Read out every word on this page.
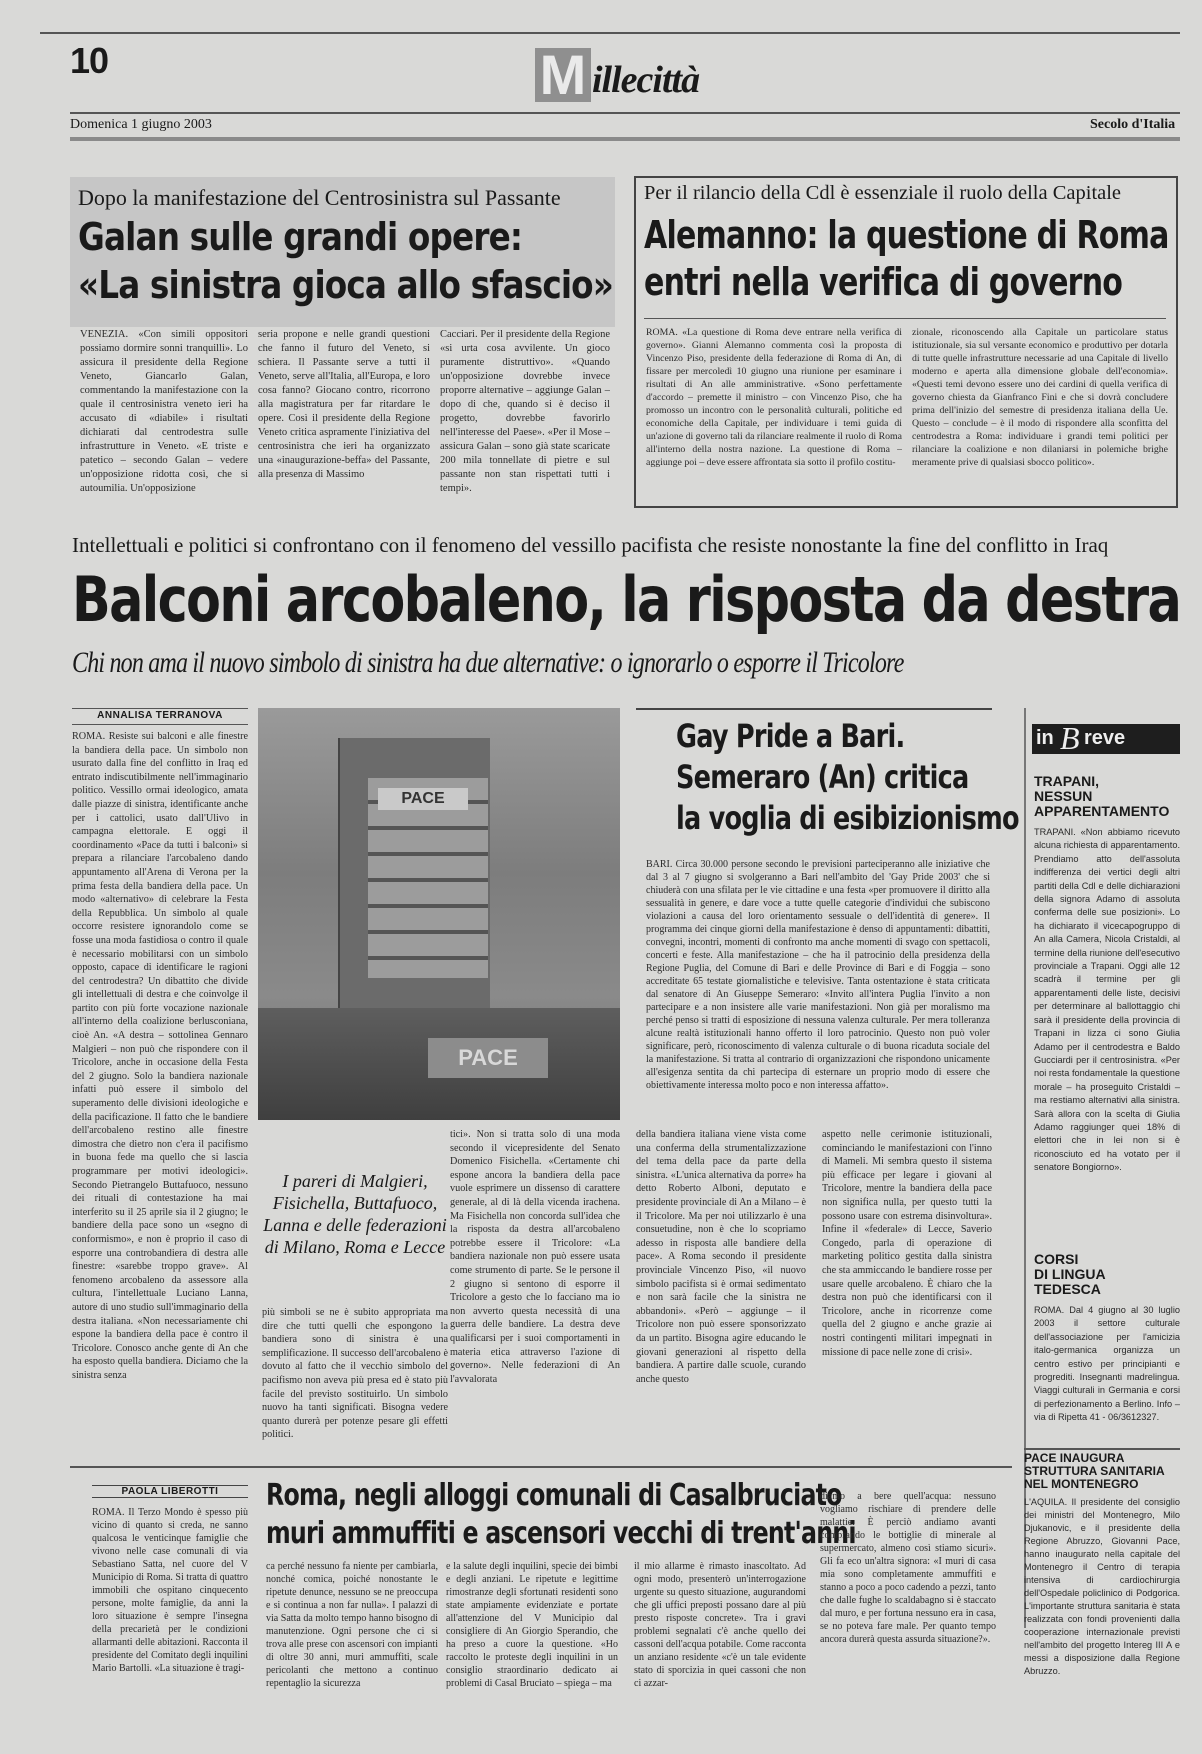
10	M illecittà
Domenica 1 giugno 2003	Secolo d'Italia
Dopo la manifestazione del Centrosinistra sul Passante
Galan sulle grandi opere:
«La sinistra gioca allo sfascio»
VENEZIA. «Con simili oppositori possiamo dormire sonni tranquilli». Lo assicura il presidente della Regione Veneto, Giancarlo Galan, commentando la manifestazione con la quale il centrosinistra veneto ieri ha accusato di «diabile» i risultati dichiarati dal centrodestra sulle infrastrutture in Veneto. «E triste e patetico – secondo Galan – vedere un'opposizione ridotta così, che si autoumilia. Un'opposizione
seria propone e nelle grandi questioni che fanno il futuro del Veneto, si schiera. Il Passante serve a tutti il Veneto, serve all'Italia, all'Europa, e loro cosa fanno? Giocano contro, ricorrono alla magistratura per far ritardare le opere. Così il presidente della Regione Veneto critica aspramente l'iniziativa del centrosinistra che ieri ha organizzato una «inaugurazione-beffa» del Passante, alla presenza di Massimo
Cacciari. Per il presidente della Regione «si urta cosa avvilente. Un gioco puramente distruttivo». «Quando un'opposizione dovrebbe invece proporre alternative – aggiunge Galan – dopo di che, quando si è deciso il progetto, dovrebbe favorirlo nell'interesse del Paese». «Per il Mose – assicura Galan – sono già state scaricate 200 mila tonnellate di pietre e sul passante non stan rispettati tutti i tempi».
Per il rilancio della Cdl è essenziale il ruolo della Capitale
Alemanno: la questione di Roma
entri nella verifica di governo
ROMA. «La questione di Roma deve entrare nella verifica di governo». Gianni Alemanno commenta così la proposta di Vincenzo Piso, presidente della federazione di Roma di An, di fissare per mercoledì 10 giugno una riunione per esaminare i risultati di An alle amministrative. «Sono perfettamente d'accordo – premette il ministro – con Vincenzo Piso, che ha promosso un incontro con le personalità culturali, politiche ed economiche della Capitale, per individuare i temi guida di un'azione di governo tali da rilanciare realmente il ruolo di Roma all'interno della nostra nazione. La questione di Roma – aggiunge poi – deve essere affrontata sia sotto il profilo costitu-
zionale, riconoscendo alla Capitale un particolare status istituzionale, sia sul versante economico e produttivo per dotarla di tutte quelle infrastrutture necessarie ad una Capitale di livello moderno e aperta alla dimensione globale dell'economia». «Questi temi devono essere uno dei cardini di quella verifica di governo chiesta da Gianfranco Fini e che si dovrà concludere prima dell'inizio del semestre di presidenza italiana della Ue. Questo – conclude – è il modo di rispondere alla sconfitta del centrodestra a Roma: individuare i grandi temi politici per rilanciare la coalizione e non dilaniarsi in polemiche brighe meramente prive di qualsiasi sbocco politico».
Intellettuali e politici si confrontano con il fenomeno del vessillo pacifista che resiste nonostante la fine del conflitto in Iraq
Balconi arcobaleno, la risposta da destra
Chi non ama il nuovo simbolo di sinistra ha due alternative: o ignorarlo o esporre il Tricolore
ANNALISA TERRANOVA
ROMA. Resiste sui balconi e alle finestre la bandiera della pace. Un simbolo non usurato dalla fine del conflitto in Iraq ed entrato indiscutibilmente nell'immaginario politico. Vessillo ormai ideologico, amata dalle piazze di sinistra, identificante anche per i cattolici, usato dall'Ulivo in campagna elettorale. E oggi il coordinamento «Pace da tutti i balconi» si prepara a rilanciare l'arcobaleno dando appuntamento all'Arena di Verona per la prima festa della bandiera della pace. Un modo «alternativo» di celebrare la Festa della Repubblica. Un simbolo al quale occorre resistere ignorandolo come se fosse una moda fastidiosa o contro il quale è necessario mobilitarsi con un simbolo opposto, capace di identificare le ragioni del centrodestra? Un dibattito che divide gli intellettuali di destra e che coinvolge il partito con più forte vocazione nazionale all'interno della coalizione berlusconiana, cioè An. «A destra – sottolinea Gennaro Malgieri – non può che rispondere con il Tricolore, anche in occasione della Festa del 2 giugno. Solo la bandiera nazionale infatti può essere il simbolo del superamento delle divisioni ideologiche e della pacificazione. Il fatto che le bandiere dell'arcobaleno restino alle finestre dimostra che dietro non c'era il pacifismo in buona fede ma quello che si lascia programmare per motivi ideologici». Secondo Pietrangelo Buttafuoco, nessuno dei rituali di contestazione ha mai interferito su il 25 aprile sia il 2 giugno; le bandiere della pace sono un «segno di conformismo», e non è proprio il caso di esporre una controbandiera di destra alle finestre: «sarebbe troppo grave». Al fenomeno arcobaleno da assessore alla cultura, l'intellettuale Luciano Lanna, autore di uno studio sull'immaginario della destra italiana. «Non necessariamente chi espone la bandiera della pace è contro il Tricolore. Conosco anche gente di An che ha esposto quella bandiera. Diciamo che la sinistra senza
PACE
PACE
I pareri di Malgieri, Fisichella, Buttafuoco, Lanna e delle federazioni di Milano, Roma e Lecce
più simboli se ne è subito appropriata ma dire che tutti quelli che espongono la bandiera sono di sinistra è una semplificazione. Il successo dell'arcobaleno è dovuto al fatto che il vecchio simbolo del pacifismo non aveva più presa ed è stato più facile del previsto sostituirlo. Un simbolo nuovo ha tanti significati. Bisogna vedere quanto durerà per potenze pesare gli effetti politici.
tici». Non si tratta solo di una moda secondo il vicepresidente del Senato Domenico Fisichella. «Certamente chi espone ancora la bandiera della pace vuole esprimere un dissenso di carattere generale, al di là della vicenda irachena. Ma Fisichella non concorda sull'idea che la risposta da destra all'arcobaleno potrebbe essere il Tricolore: «La bandiera nazionale non può essere usata come strumento di parte. Se le persone il 2 giugno si sentono di esporre il Tricolore a gesto che lo facciano ma io non avverto questa necessità di una guerra delle bandiere. La destra deve qualificarsi per i suoi comportamenti in materia etica attraverso l'azione di governo». Nelle federazioni di An l'avvalorata
della bandiera italiana viene vista come una conferma della strumentalizzazione del tema della pace da parte della sinistra. «L'unica alternativa da porre» ha detto Roberto Alboni, deputato e presidente provinciale di An a Milano – è il Tricolore. Ma per noi utilizzarlo è una consuetudine, non è che lo scopriamo adesso in risposta alle bandiere della pace». A Roma secondo il presidente provinciale Vincenzo Piso, «il nuovo simbolo pacifista si è ormai sedimentato e non sarà facile che la sinistra ne abbandoni». «Però – aggiunge – il Tricolore non può essere sponsorizzato da un partito. Bisogna agire educando le giovani generazioni al rispetto della bandiera. A partire dalle scuole, curando anche questo
aspetto nelle cerimonie istituzionali, cominciando le manifestazioni con l'inno di Mameli. Mi sembra questo il sistema più efficace per legare i giovani al Tricolore, mentre la bandiera della pace non significa nulla, per questo tutti la possono usare con estrema disinvoltura». Infine il «federale» di Lecce, Saverio Congedo, parla di operazione di marketing politico gestita dalla sinistra che sta ammiccando le bandiere rosse per usare quelle arcobaleno. È chiaro che la destra non può che identificarsi con il Tricolore, anche in ricorrenze come quella del 2 giugno e anche grazie ai nostri contingenti militari impegnati in missione di pace nelle zone di crisi».
Gay Pride a Bari.
Semeraro (An) critica
la voglia di esibizionismo
BARI. Circa 30.000 persone secondo le previsioni parteciperanno alle iniziative che dal 3 al 7 giugno si svolgeranno a Bari nell'ambito del 'Gay Pride 2003' che si chiuderà con una sfilata per le vie cittadine e una festa «per promuovere il diritto alla sessualità in genere, e dare voce a tutte quelle categorie d'individui che subiscono violazioni a causa del loro orientamento sessuale o dell'identità di genere». Il programma dei cinque giorni della manifestazione è denso di appuntamenti: dibattiti, convegni, incontri, momenti di confronto ma anche momenti di svago con spettacoli, concerti e feste. Alla manifestazione – che ha il patrocinio della presidenza della Regione Puglia, del Comune di Bari e delle Province di Bari e di Foggia – sono accreditate 65 testate giornalistiche e televisive. Tanta ostentazione è stata criticata dal senatore di An Giuseppe Semeraro: «Invito all'intera Puglia l'invito a non partecipare e a non insistere alle varie manifestazioni. Non già per moralismo ma perché penso si tratti di esposizione di nessuna valenza culturale. Per mera tolleranza alcune realtà istituzionali hanno offerto il loro patrocinio. Questo non può voler significare, però, riconoscimento di valenza culturale o di buona ricaduta sociale del la manifestazione. Si tratta al contrario di organizzazioni che rispondono unicamente all'esigenza sentita da chi partecipa di esternare un proprio modo di essere che obiettivamente interessa molto poco e non interessa affatto».
in B reve
TRAPANI,
NESSUN
APPARENTAMENTO
TRAPANI. «Non abbiamo ricevuto alcuna richiesta di apparentamento. Prendiamo atto dell'assoluta indifferenza dei vertici degli altri partiti della Cdl e delle dichiarazioni della signora Adamo di assoluta conferma delle sue posizioni». Lo ha dichiarato il vicecapogruppo di An alla Camera, Nicola Cristaldi, al termine della riunione dell'esecutivo provinciale a Trapani. Oggi alle 12 scadrà il termine per gli apparentamenti delle liste, decisivi per determinare al ballottaggio chi sarà il presidente della provincia di Trapani in lizza ci sono Giulia Adamo per il centrodestra e Baldo Gucciardi per il centrosinistra. «Per noi resta fondamentale la questione morale – ha proseguito Cristaldi – ma restiamo alternativi alla sinistra. Sarà allora con la scelta di Giulia Adamo raggiunger quei 18% di elettori che in lei non si è riconosciuto ed ha votato per il senatore Bongiorno».
CORSI
DI LINGUA
TEDESCA
ROMA. Dal 4 giugno al 30 luglio 2003 il settore culturale dell'associazione per l'amicizia italo-germanica organizza un centro estivo per principianti e progrediti. Insegnanti madrelingua. Viaggi culturali in Germania e corsi di perfezionamento a Berlino. Info – via di Ripetta 41 - 06/3612327.
PACE INAUGURA
STRUTTURA SANITARIA
NEL MONTENEGRO
L'AQUILA. Il presidente del consiglio dei ministri del Montenegro, Milo Djukanovic, e il presidente della Regione Abruzzo, Giovanni Pace, hanno inaugurato nella capitale del Montenegro il Centro di terapia intensiva di cardiochirurgia dell'Ospedale policlinico di Podgorica. L'importante struttura sanitaria è stata realizzata con fondi provenienti dalla cooperazione internazionale previsti nell'ambito del progetto Intereg III A e messi a disposizione dalla Regione Abruzzo.
PAOLA LIBEROTTI	Roma, negli alloggi comunali di Casalbruciato
muri ammuffiti e ascensori vecchi di trent'anni
ROMA. Il Terzo Mondo è spesso più vicino di quanto si creda, ne sanno qualcosa le venticinque famiglie che vivono nelle case comunali di via Sebastiano Satta, nel cuore del V Municipio di Roma. Si tratta di quattro immobili che ospitano cinquecento persone, molte famiglie, da anni la loro situazione è sempre l'insegna della precarietà per le condizioni allarmanti delle abitazioni. Racconta il presidente del Comitato degli inquilini Mario Bartolli. «La situazione è tragi-
ca perché nessuno fa niente per cambiarla, nonché comica, poiché nonostante le ripetute denunce, nessuno se ne preoccupa e si continua a non far nulla». I palazzi di via Satta da molto tempo hanno bisogno di manutenzione. Ogni persone che ci si trova alle prese con ascensori con impianti di oltre 30 anni, muri ammuffiti, scale pericolanti che mettono a continuo repentaglio la sicurezza
e la salute degli inquilini, specie dei bimbi e degli anziani. Le ripetute e legittime rimostranze degli sfortunati residenti sono state ampiamente evidenziate e portate all'attenzione del V Municipio dal consigliere di An Giorgio Sperandio, che ha preso a cuore la questione. «Ho raccolto le proteste degli inquilini in un consiglio straordinario dedicato ai problemi di Casal Bruciato – spiega – ma
il mio allarme è rimasto inascoltato. Ad ogni modo, presenterò un'interrogazione urgente su questo situazione, augurandomi che gli uffici preposti possano dare al più presto risposte concrete». Tra i gravi problemi segnalati c'è anche quello dei cassoni dell'acqua potabile. Come racconta un anziano residente «c'è un tale evidente stato di sporcizia in quei cassoni che non ci azzar-
diamo a bere quell'acqua: nessuno vogliamo rischiare di prendere delle malattie. È perciò andiamo avanti comprando le bottiglie di minerale al supermercato, almeno così stiamo sicuri». Gli fa eco un'altra signora: «I muri di casa mia sono completamente ammuffiti e stanno a poco a poco cadendo a pezzi, tanto che dalle fughe lo scaldabagno si è staccato dal muro, e per fortuna nessuno era in casa, se no poteva fare male. Per quanto tempo ancora durerà questa assurda situazione?».
